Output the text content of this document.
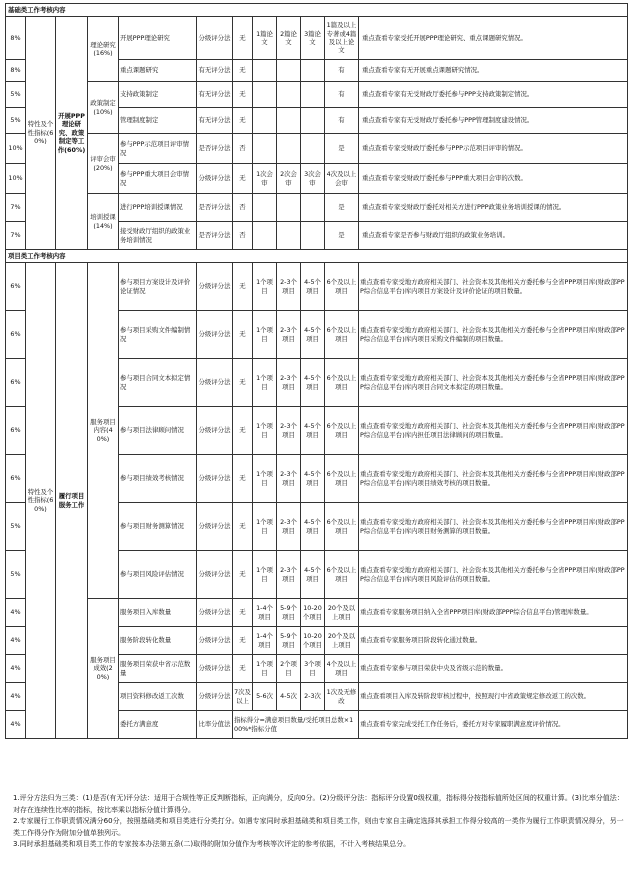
基础类工作考核内容											
8%	特性及个性指标(60%)	开展PPP理论研究、政策制定等工作(60%)	理论研究(16%)	开展PPP理论研究	分级评分法	无	1篇论文	2篇论文	3篇论文	1篇及以上专著或4篇及以上论文	重点查看专家受托开展PPP理论研究、重点课题研究情况。
8%				重点课题研究	有无评分法	无				有	重点查看专家有无开展重点课题研究情况。
5%			政策制定(10%)	支持政策制定	有无评分法	无				有	重点查看专家有无受财政厅委托参与PPP支持政策制定情况。
5%				管理制度制定	有无评分法	无				有	重点查看专家有无受财政厅委托参与PPP管理制度建设情况。
10%			评审会审(20%)	参与PPP示范项目评审情况	是否评分法	否				是	重点查看专家受财政厅委托参与PPP示范项目评审的情况。
10%				参与PPP重大项目会审情况	分级评分法	无	1次会审	2次会审	3次会审	4次及以上会审	重点查看专家受财政厅委托参与PPP重大项目会审的次数。
7%			培训授课(14%)	进行PPP培训授课情况	是否评分法	否				是	重点查看专家受财政厅委托对相关方进行PPP政策业务培训授课的情况。
7%				接受财政厅组织的政策业务培训情况	是否评分法	否				是	重点查看专家是否参与财政厅组织的政策业务培训。
项目类工作考核内容											
6%	特性及个性指标(60%)	履行项目服务工作	服务项目内容(40%)	参与项目方案设计及评价论证情况	分级评分法	无	1个项目	2-3个项目	4-5个项目	6个及以上项目	重点查看专家受地方政府相关部门、社会资本及其他相关方委托参与全省PPP项目库(财政部PPP综合信息平台)库内项目方案设计及评价论证的项目数量。
6%				参与项目采购文件编制情况	分级评分法	无	1个项目	2-3个项目	4-5个项目	6个及以上项目	重点查看专家受地方政府相关部门、社会资本及其他相关方委托参与全省PPP项目库(财政部PPP综合信息平台)库内项目采购文件编制的项目数量。
6%				参与项目合同文本拟定情况	分级评分法	无	1个项目	2-3个项目	4-5个项目	6个及以上项目	重点查看专家受地方政府相关部门、社会资本及其他相关方委托参与全省PPP项目库(财政部PPP综合信息平台)库内项目合同文本拟定的项目数量。
6%				参与项目法律顾问情况	分级评分法	无	1个项目	2-3个项目	4-5个项目	6个及以上项目	重点查看专家受地方政府相关部门、社会资本及其他相关方委托参与全省PPP项目库(财政部PPP综合信息平台)库内担任项目法律顾问的项目数量。
6%				参与项目绩效考核情况	分级评分法	无	1个项目	2-3个项目	4-5个项目	6个及以上项目	重点查看专家受地方政府相关部门、社会资本及其他相关方委托参与全省PPP项目库(财政部PPP综合信息平台)库内项目绩效考核的项目数量。
5%				参与项目财务测算情况	分级评分法	无	1个项目	2-3个项目	4-5个项目	6个及以上项目	重点查看专家受地方政府相关部门、社会资本及其他相关方委托参与全省PPP项目库(财政部PPP综合信息平台)库内项目财务测算的项目数量。
5%				参与项目风险评估情况	分级评分法	无	1个项目	2-3个项目	4-5个项目	6个及以上项目	重点查看专家受地方政府相关部门、社会资本及其他相关方委托参与全省PPP项目库(财政部PPP综合信息平台)库内项目风险评估的项目数量。
4%			服务项目成效(20%)	服务项目入库数量	分级评分法	无	1-4个项目	5-9个项目	10-20个项目	20个及以上项目	重点查看专家服务项目纳入全省PPP项目库(财政部PPP综合信息平台)管理库数量。
4%				服务阶段转化数量	分级评分法	无	1-4个项目	5-9个项目	10-20个项目	20个及以上项目	重点查看专家服务项目阶段转化通过数量。
4%				服务项目荣获中省示范数量	分级评分法	无	1个项目	2个项目	3个项目	4个及以上项目	重点查看专家参与项目荣获中央及省级示范的数量。
4%				项目资料修改返工次数	分级评分法	7次及以上	5-6次	4-5次	2-3次	1次及无修改	重点查看项目入库及转阶段审核过程中，按照现行中省政策规定修改返工的次数。
4%				委托方满意度	比率分值法	指标得分=满意项目数量/受托项目总数×100%*指标分值					重点查看专家完成受托工作任务后，委托方对专家履职满意度评价情况。

1.评分方法归为三类：(1)是否(有无)评分法：适用于合规性等正反判断指标，正向满分，反向0分。(2)分级评分法：指标评分设置0级权重，指标得分按指标值所处区间的权重计算。(3)比率分值法：对存在连续性比率的指标，按比率乘以指标分值计算得分。

2.专家履行工作职责情况满分60分，按照基础类和项目类进行分类打分。如遇专家同时承担基础类和项目类工作，则由专家自主确定选择其承担工作得分较高的一类作为履行工作职责情况得分，另一类工作得分作为附加分值单独列示。

3.同时承担基础类和项目类工作的专家按本办法第五条(二)取得的附加分值作为考核等次评定的参考依据，不计入考核结果总分。
